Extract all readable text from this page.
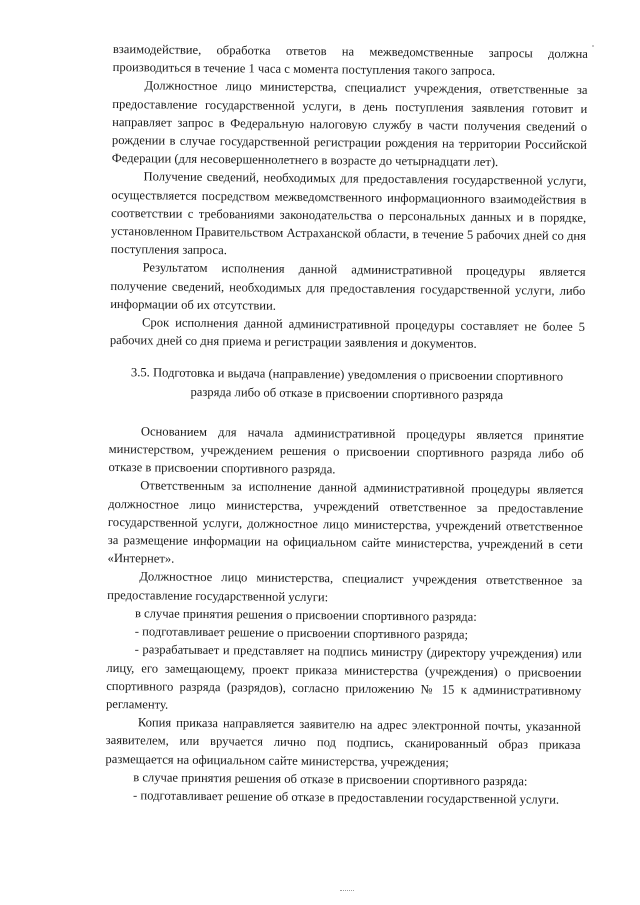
взаимодействие, обработка ответов на межведомственные запросы должна производиться в течение 1 часа с момента поступления такого запроса.

Должностное лицо министерства, специалист учреждения, ответственные за предоставление государственной услуги, в день поступления заявления готовит и направляет запрос в Федеральную налоговую службу в части получения сведений о рождении в случае государственной регистрации рождения на территории Российской Федерации (для несовершеннолетнего в возрасте до четырнадцати лет).

Получение сведений, необходимых для предоставления государственной услуги, осуществляется посредством межведомственного информационного взаимодействия в соответствии с требованиями законодательства о персональных данных и в порядке, установленном Правительством Астраханской области, в течение 5 рабочих дней со дня поступления запроса.

Результатом исполнения данной административной процедуры является получение сведений, необходимых для предоставления государственной услуги, либо информации об их отсутствии.

Срок исполнения данной административной процедуры составляет не более 5 рабочих дней со дня приема и регистрации заявления и документов.

3.5. Подготовка и выдача (направление) уведомления о присвоении спортивного разряда либо об отказе в присвоении спортивного разряда

Основанием для начала административной процедуры является принятие министерством, учреждением решения о присвоении спортивного разряда либо об отказе в присвоении спортивного разряда.

Ответственным за исполнение данной административной процедуры является должностное лицо министерства, учреждений ответственное за предоставление государственной услуги, должностное лицо министерства, учреждений ответственное за размещение информации на официальном сайте министерства, учреждений в сети «Интернет».

Должностное лицо министерства, специалист учреждения ответственное за предоставление государственной услуги:

в случае принятия решения о присвоении спортивного разряда:

- подготавливает решение о присвоении спортивного разряда;

- разрабатывает и представляет на подпись министру (директору учреждения) или лицу, его замещающему, проект приказа министерства (учреждения) о присвоении спортивного разряда (разрядов), согласно приложению № 15 к административному регламенту.

Копия приказа направляется заявителю на адрес электронной почты, указанной заявителем, или вручается лично под подпись, сканированный образ приказа размещается на официальном сайте министерства, учреждения;

в случае принятия решения об отказе в присвоении спортивного разряда:

- подготавливает решение об отказе в предоставлении государственной услуги.
